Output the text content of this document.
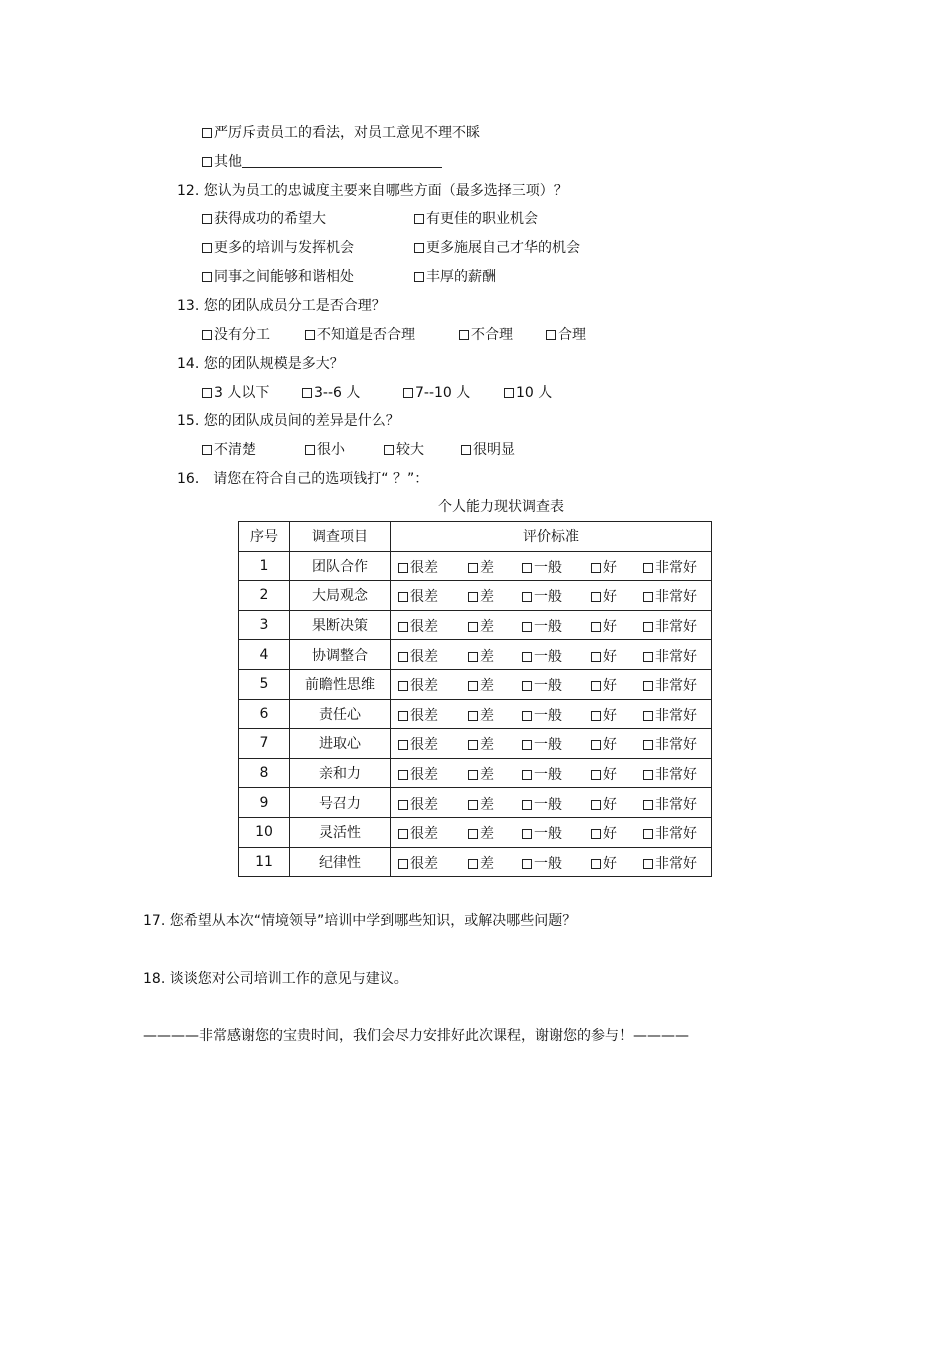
严厉斥责员工的看法，对员工意见不理不睬
其他
12. 您认为员工的忠诚度主要来自哪些方面（最多选择三项）？
获得成功的希望大	有更佳的职业机会
更多的培训与发挥机会	更多施展自己才华的机会
同事之间能够和谐相处	丰厚的薪酬
13. 您的团队成员分工是否合理？
没有分工	不知道是否合理	不合理	合理
14. 您的团队规模是多大？
3 人以下	3--6 人	7--10 人	10 人
15. 您的团队成员间的差异是什么？
不清楚	很小	较大	很明显
16． 请您在符合自己的选项钱打“ ？”：
个人能力现状调查表
序号	调查项目	评价标准
1	团队合作	很差 差 一般 好 非常好

2	大局观念	很差 差 一般 好 非常好

3	果断决策	很差 差 一般 好 非常好

4	协调整合	很差 差 一般 好 非常好

5	前瞻性思维	很差 差 一般 好 非常好

6	责任心	很差 差 一般 好 非常好

7	进取心	很差 差 一般 好 非常好

8	亲和力	很差 差 一般 好 非常好

9	号召力	很差 差 一般 好 非常好

10	灵活性	很差 差 一般 好 非常好

11	纪律性	很差 差 一般 好 非常好
17. 您希望从本次“情境领导”培训中学到哪些知识，或解决哪些问题？
18. 谈谈您对公司培训工作的意见与建议。
————非常感谢您的宝贵时间，我们会尽力安排好此次课程，谢谢您的参与！————
